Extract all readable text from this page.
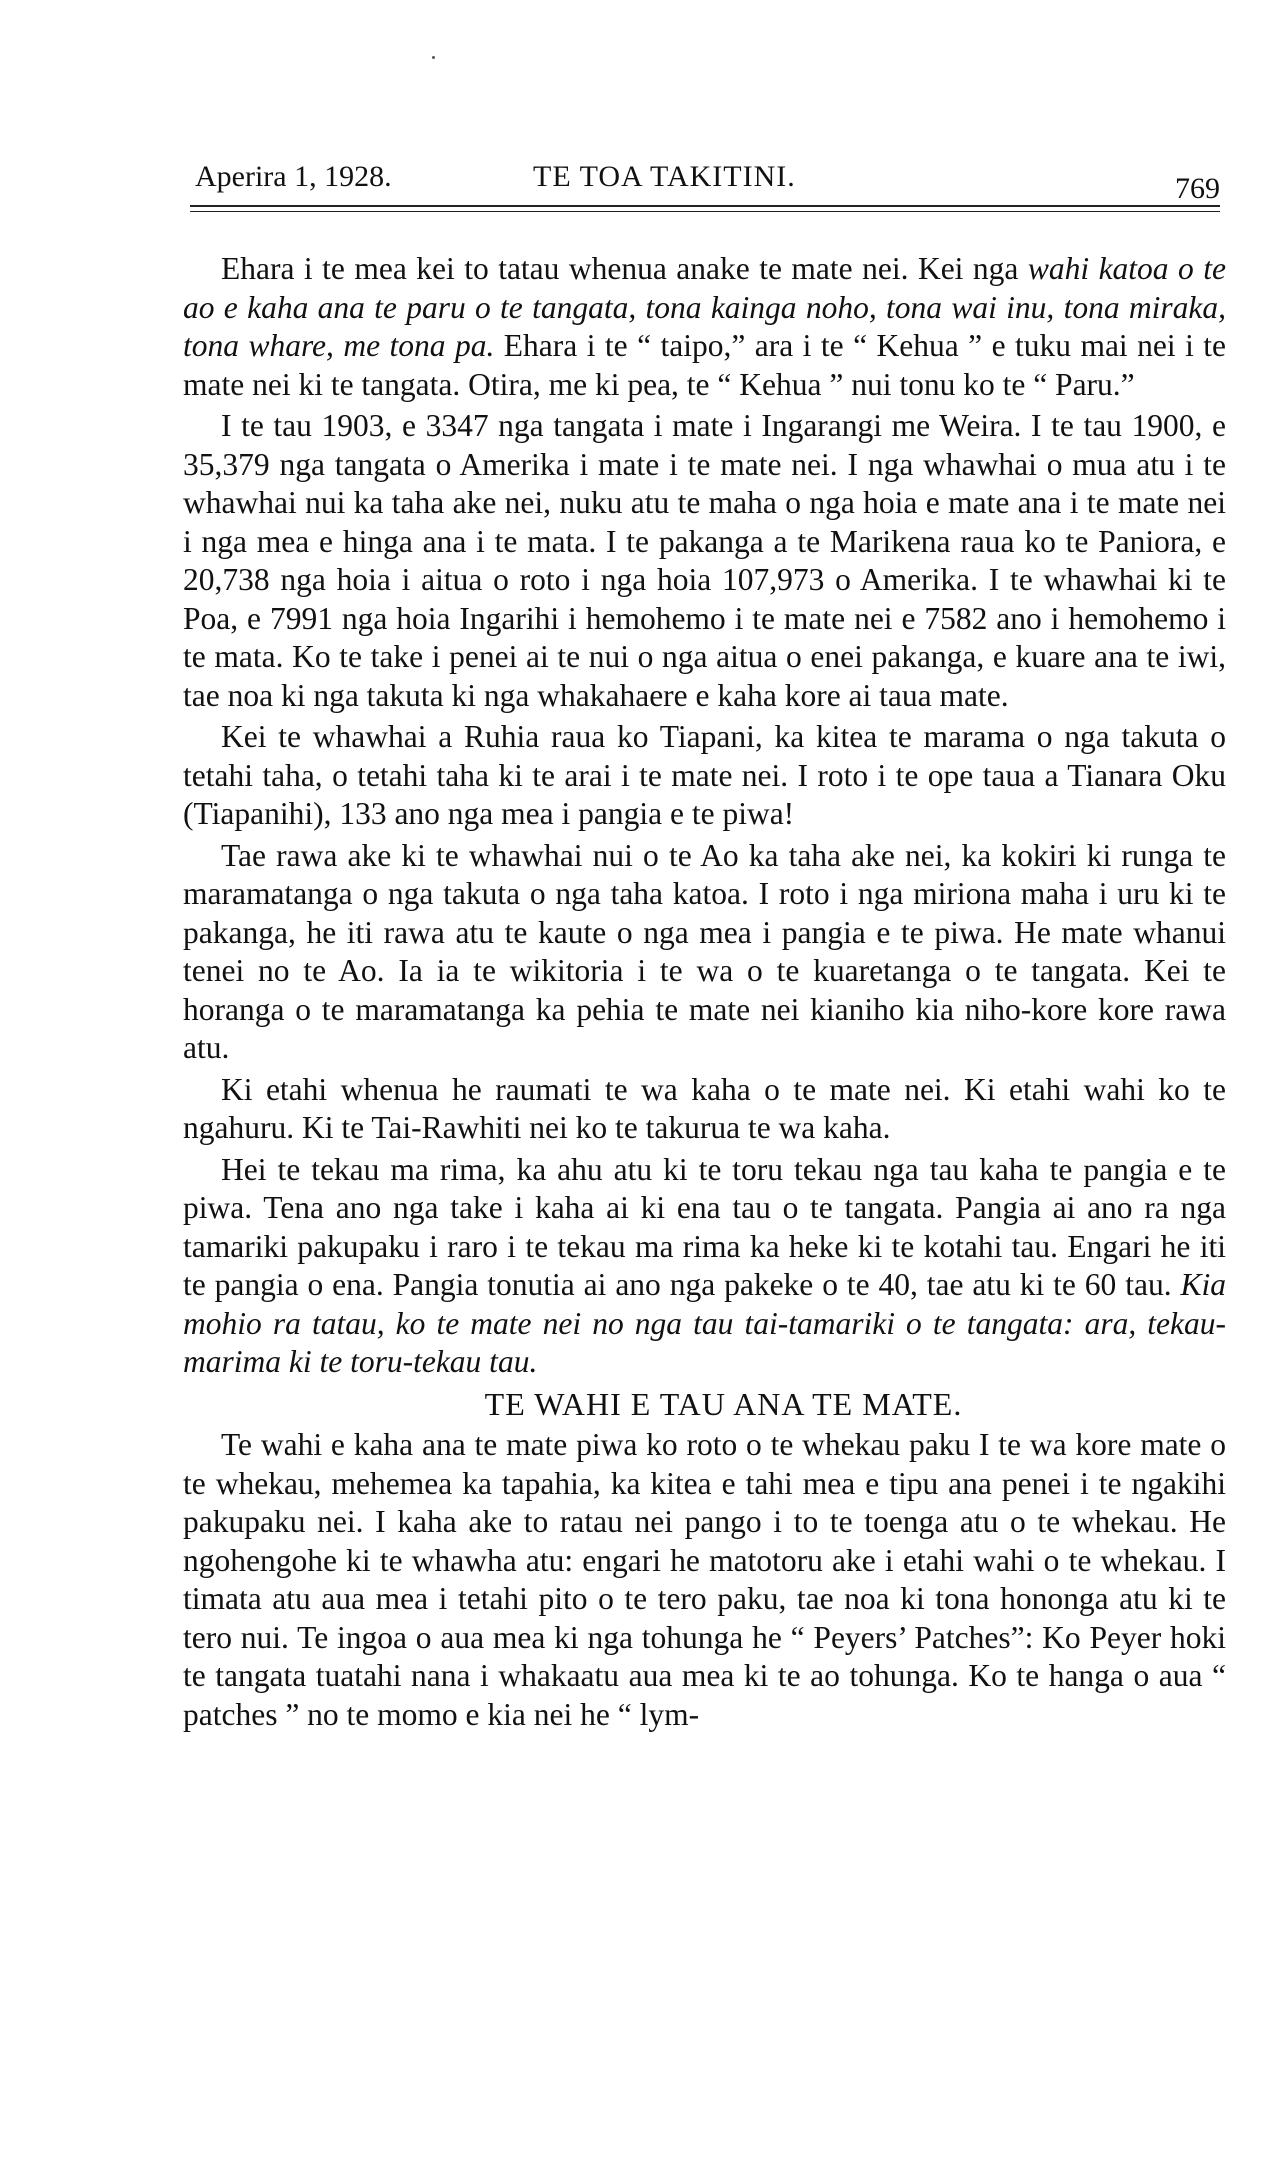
Aperira 1, 1928.	TE TOA TAKITINI.	769

Ehara i te mea kei to tatau whenua anake te mate nei. Kei nga wahi katoa o te ao e kaha ana te paru o te tangata, tona kainga noho, tona wai inu, tona miraka, tona whare, me tona pa. Ehara i te “ taipo,” ara i te “ Kehua ” e tuku mai nei i te mate nei ki te tangata. Otira, me ki pea, te “ Kehua ” nui tonu ko te “ Paru.”

I te tau 1903, e 3347 nga tangata i mate i Ingarangi me Weira. I te tau 1900, e 35,379 nga tangata o Amerika i mate i te mate nei. I nga whawhai o mua atu i te whawhai nui ka taha ake nei, nuku atu te maha o nga hoia e mate ana i te mate nei i nga mea e hinga ana i te mata. I te pakanga a te Marikena raua ko te Paniora, e 20,738 nga hoia i aitua o roto i nga hoia 107,973 o Amerika. I te whawhai ki te Poa, e 7991 nga hoia Ingarihi i hemohemo i te mate nei e 7582 ano i hemohemo i te mata. Ko te take i penei ai te nui o nga aitua o enei pakanga, e kuare ana te iwi, tae noa ki nga takuta ki nga whakahaere e kaha kore ai taua mate.

Kei te whawhai a Ruhia raua ko Tiapani, ka kitea te marama o nga takuta o tetahi taha, o tetahi taha ki te arai i te mate nei. I roto i te ope taua a Tianara Oku (Tiapanihi), 133 ano nga mea i pangia e te piwa!

Tae rawa ake ki te whawhai nui o te Ao ka taha ake nei, ka kokiri ki runga te maramatanga o nga takuta o nga taha katoa. I roto i nga miriona maha i uru ki te pakanga, he iti rawa atu te kaute o nga mea i pangia e te piwa. He mate whanui tenei no te Ao. Ia ia te wikitoria i te wa o te kuaretanga o te tangata. Kei te horanga o te maramatanga ka pehia te mate nei kianiho kia niho-kore kore rawa atu.

Ki etahi whenua he raumati te wa kaha o te mate nei. Ki etahi wahi ko te ngahuru. Ki te Tai-Rawhiti nei ko te takurua te wa kaha.

Hei te tekau ma rima, ka ahu atu ki te toru tekau nga tau kaha te pangia e te piwa. Tena ano nga take i kaha ai ki ena tau o te tangata. Pangia ai ano ra nga tamariki pakupaku i raro i te tekau ma rima ka heke ki te kotahi tau. Engari he iti te pangia o ena. Pangia tonutia ai ano nga pakeke o te 40, tae atu ki te 60 tau. Kia mohio ra tatau, ko te mate nei no nga tau tai-tamariki o te tangata: ara, tekau-marima ki te toru-tekau tau.

TE WAHI E TAU ANA TE MATE.

Te wahi e kaha ana te mate piwa ko roto o te whekau paku I te wa kore mate o te whekau, mehemea ka tapahia, ka kitea e tahi mea e tipu ana penei i te ngakihi pakupaku nei. I kaha ake to ratau nei pango i to te toenga atu o te whekau. He ngohengohe ki te whawha atu: engari he matotoru ake i etahi wahi o te whekau. I timata atu aua mea i tetahi pito o te tero paku, tae noa ki tona hononga atu ki te tero nui. Te ingoa o aua mea ki nga tohunga he “ Peyers’ Patches”: Ko Peyer hoki te tangata tuatahi nana i whakaatu aua mea ki te ao tohunga. Ko te hanga o aua “ patches ” no te momo e kia nei he “ lym-
